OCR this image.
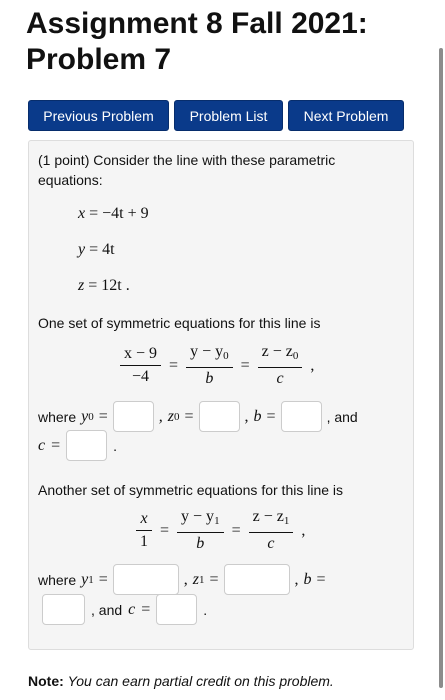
Assignment 8 Fall 2021: Problem 7
Previous Problem	Problem List	Next Problem
(1 point) Consider the line with these parametric
equations:
x = −4t + 9
y = 4t
z = 12t .
One set of symmetric equations for this line is
$\frac{x - 9}{-4} = \frac{y - y_0}{b} = \frac{z - z_0}{c}$ ,
where y 0 =	, z 0 =	, b =	, and
c =	.
Another set of symmetric equations for this line is
$\frac{x}{1} = \frac{y - y_1}{b} = \frac{z - z_1}{c}$ ,
where y 1 =	, z 1 =	, b =
, and c =	.
Note: You can earn partial credit on this problem.
